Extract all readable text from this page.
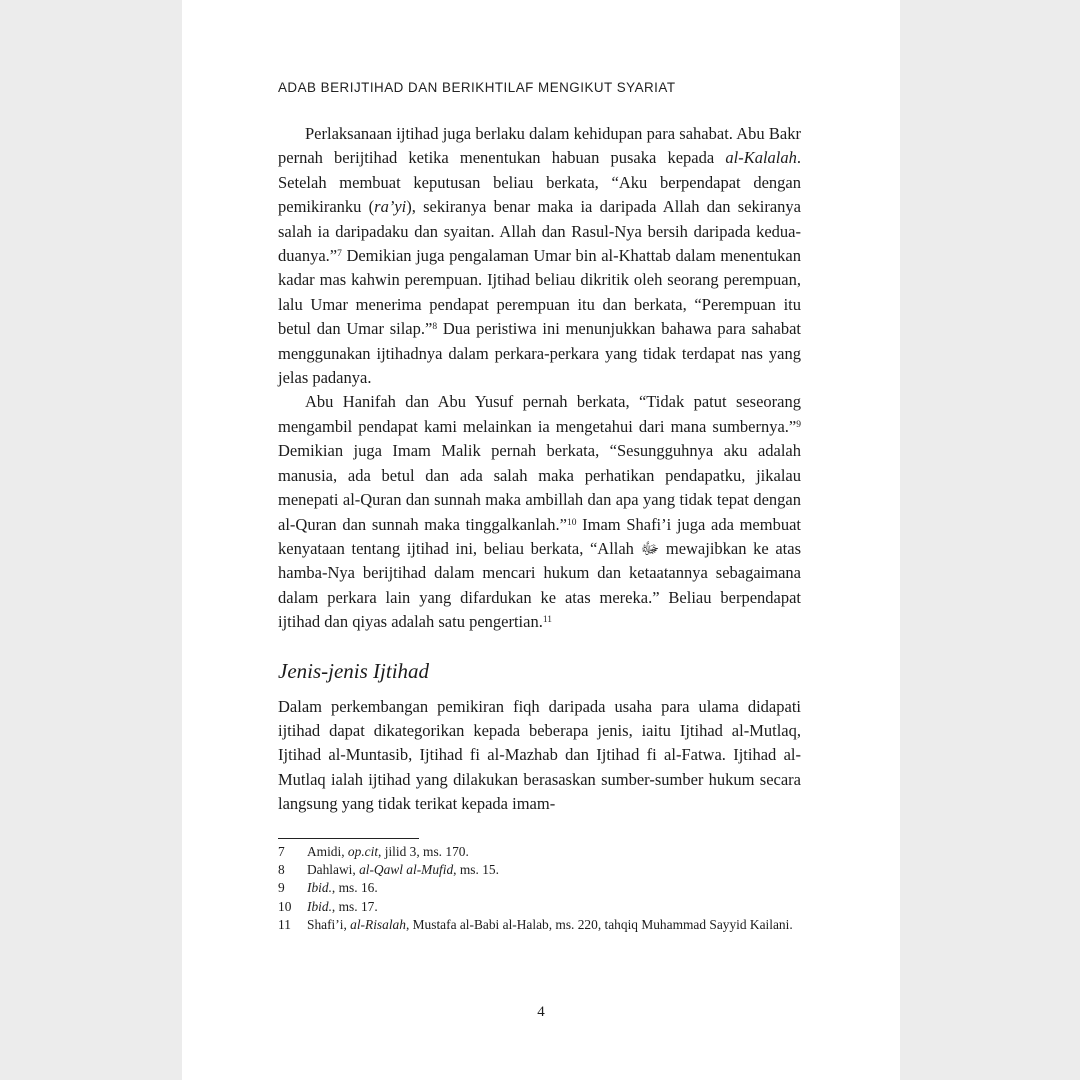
ADAB BERIJTIHAD DAN BERIKHTILAF MENGIKUT SYARIAT

Perlaksanaan ijtihad juga berlaku dalam kehidupan para sahabat. Abu Bakr pernah berijtihad ketika menentukan habuan pusaka kepada al-Kalalah. Setelah membuat keputusan beliau berkata, “Aku berpendapat dengan pemikiranku (ra’yi), sekiranya benar maka ia daripada Allah dan sekiranya salah ia daripadaku dan syaitan. Allah dan Rasul-Nya bersih daripada kedua-duanya.”$^7$ Demikian juga pengalaman Umar bin al-Khattab dalam menentukan kadar mas kahwin perempuan. Ijtihad beliau dikritik oleh seorang perempuan, lalu Umar menerima pendapat perempuan itu dan berkata, “Perempuan itu betul dan Umar silap.”$^8$ Dua peristiwa ini menunjukkan bahawa para sahabat menggunakan ijtihadnya dalam perkara-perkara yang tidak terdapat nas yang jelas padanya.

Abu Hanifah dan Abu Yusuf pernah berkata, “Tidak patut seseorang mengambil pendapat kami melainkan ia mengetahui dari mana sumbernya.”$^9$ Demikian juga Imam Malik pernah berkata, “Sesungguhnya aku adalah manusia, ada betul dan ada salah maka perhatikan pendapatku, jikalau menepati al-Quran dan sunnah maka ambillah dan apa yang tidak tepat dengan al-Quran dan sunnah maka tinggalkanlah.”$^{10}$ Imam Shafi’i juga ada membuat kenyataan tentang ijtihad ini, beliau berkata, “Allah ﷻ mewajibkan ke atas hamba-Nya berijtihad dalam mencari hukum dan ketaatannya sebagaimana dalam perkara lain yang difardukan ke atas mereka.” Beliau berpendapat ijtihad dan qiyas adalah satu pengertian.$^{11}$

Jenis-jenis Ijtihad

Dalam perkembangan pemikiran fiqh daripada usaha para ulama didapati ijtihad dapat dikategorikan kepada beberapa jenis, iaitu Ijtihad al-Mutlaq, Ijtihad al-Muntasib, Ijtihad fi al-Mazhab dan Ijtihad fi al-Fatwa. Ijtihad al-Mutlaq ialah ijtihad yang dilakukan berasaskan sumber-sumber hukum secara langsung yang tidak terikat kepada imam-

7	Amidi, op.cit, jilid 3, ms. 170.
8	Dahlawi, al-Qawl al-Mufid, ms. 15.
9	Ibid., ms. 16.
10	Ibid., ms. 17.
11	Shafi’i, al-Risalah, Mustafa al-Babi al-Halab, ms. 220, tahqiq Muhammad Sayyid Kailani.
4
